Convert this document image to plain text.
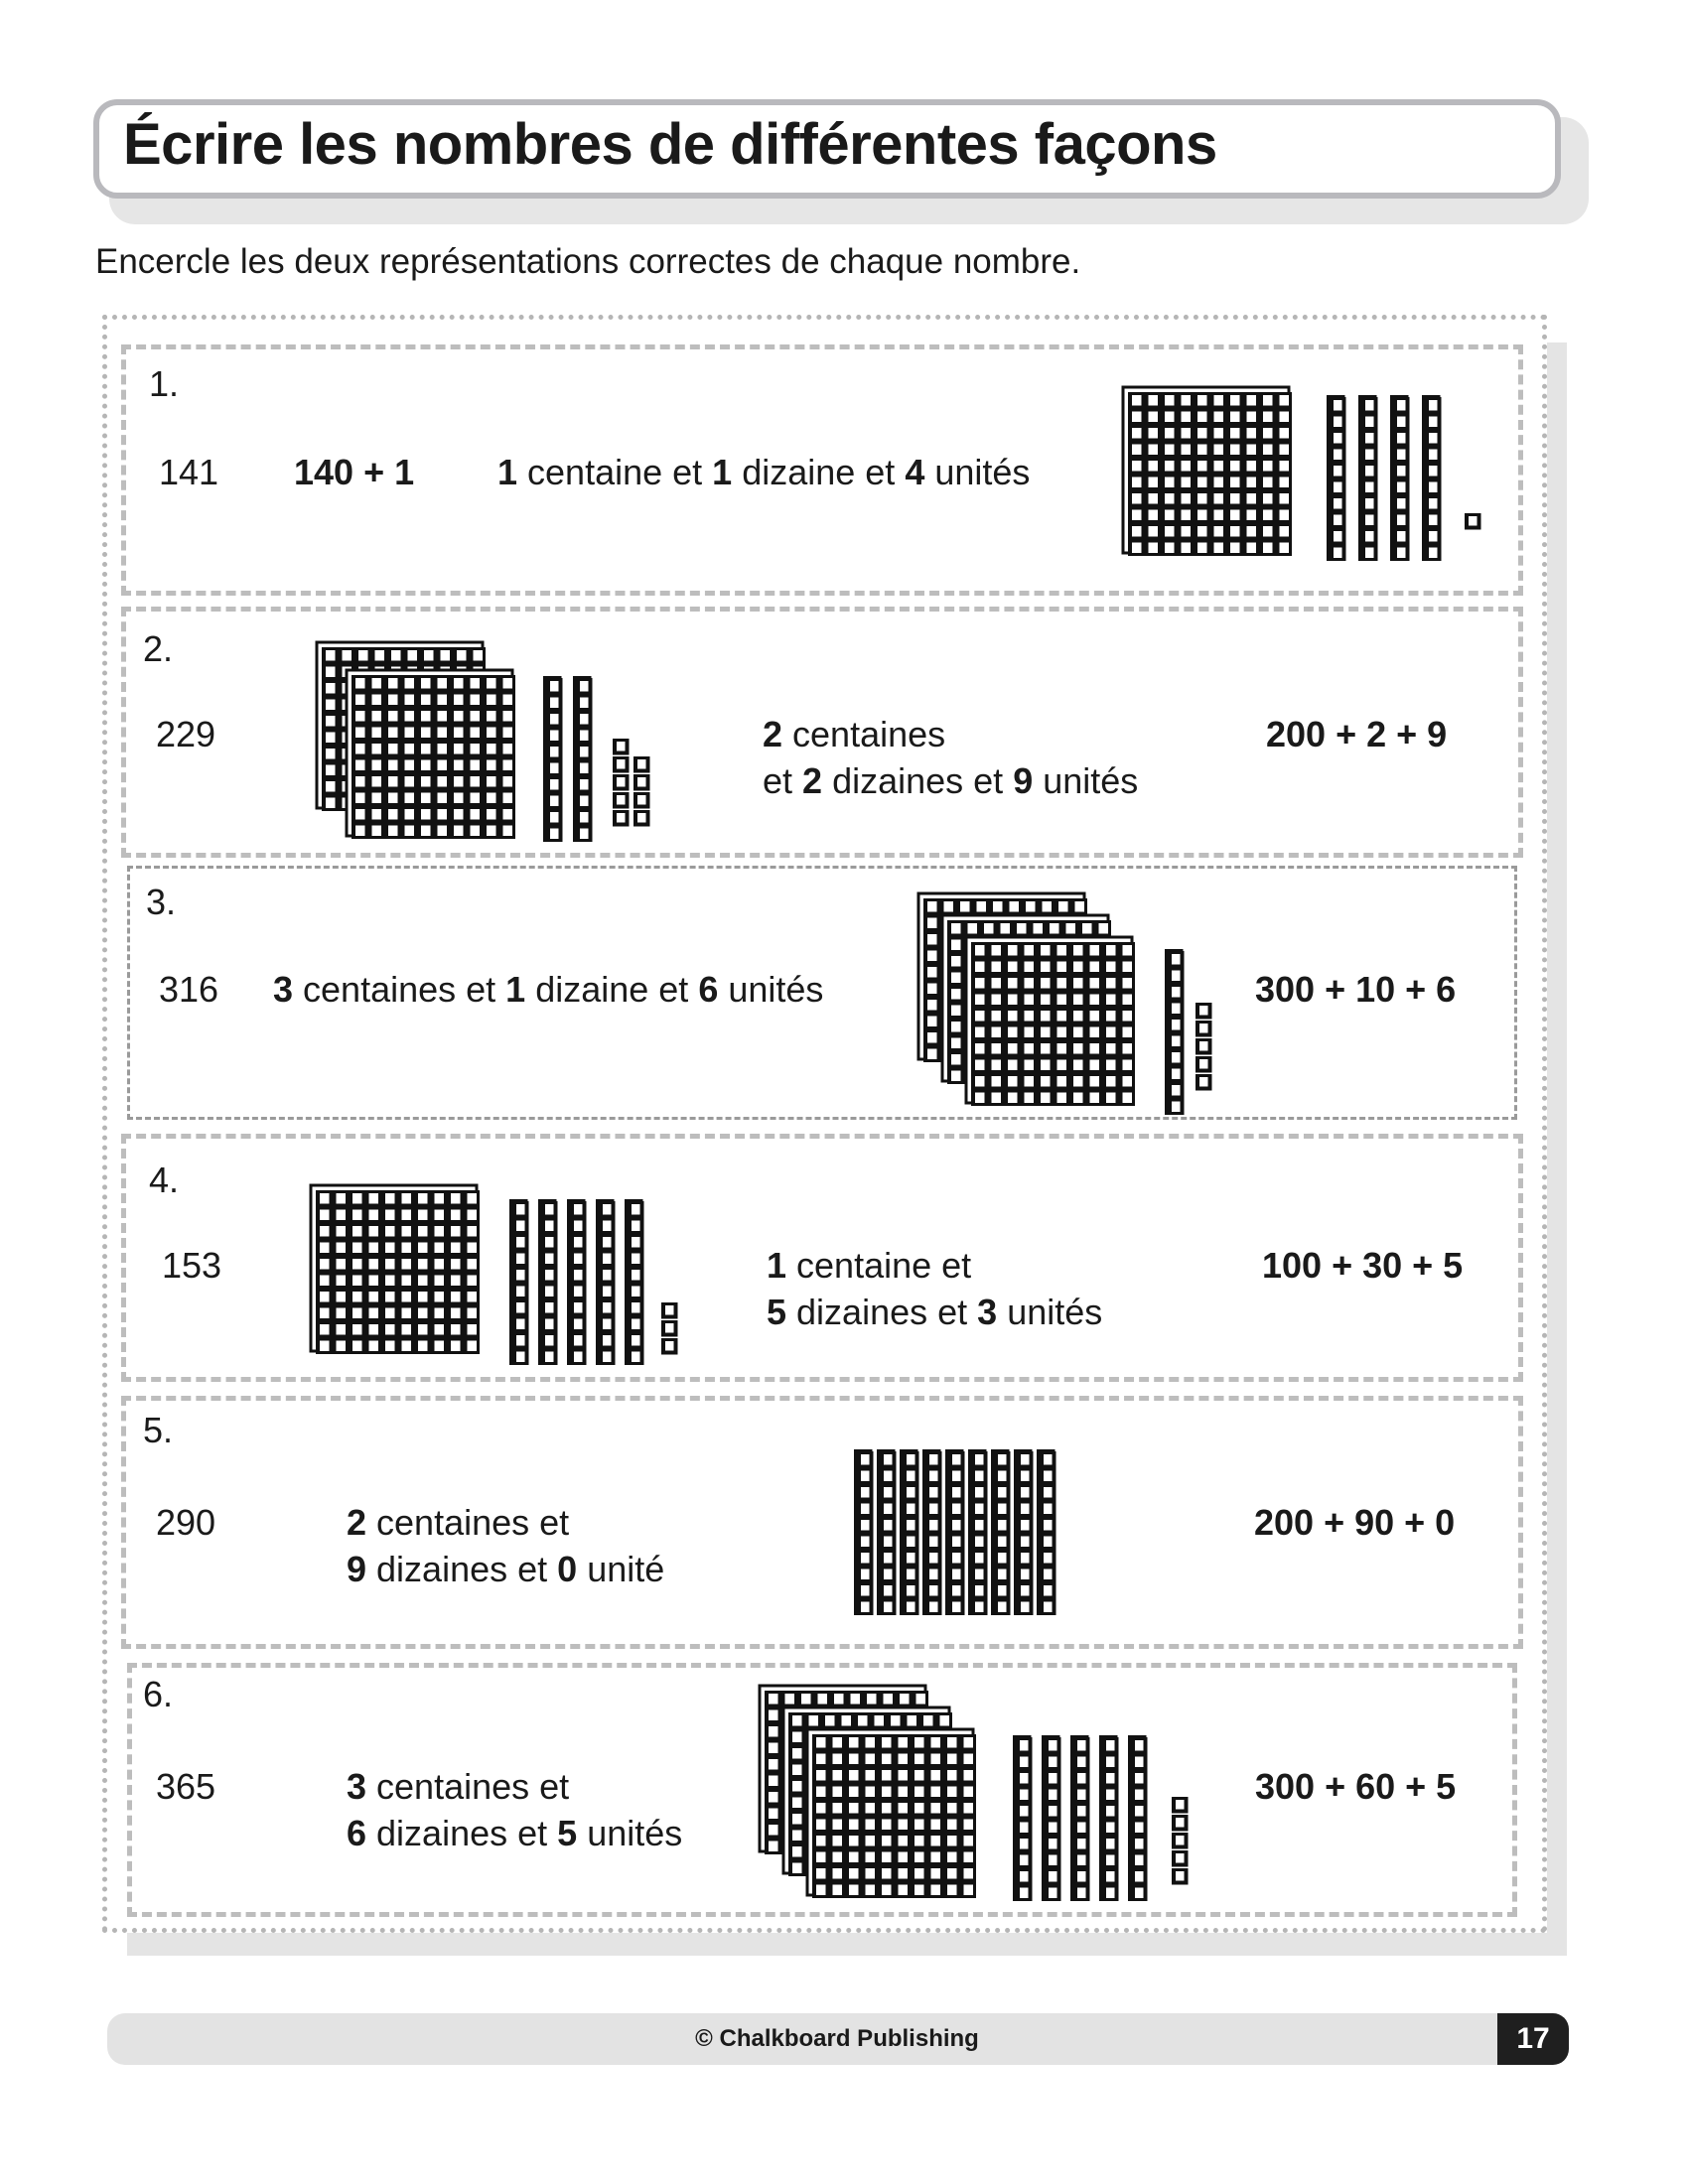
Écrire les nombres de différentes façons
Encercle les deux représentations correctes de chaque nombre.
1.
141 140 + 1 1 centaine et 1 dizaine et 4 unités
2.
229	2 centaines
et 2 dizaines et 9 unités
200 + 2 + 9
3.
316 3 centaines et 1 dizaine et 6 unités	300 + 10 + 6
4.
153	1 centaine et
5 dizaines et 3 unités
100 + 30 + 5
5.
290	2 centaines et
9 dizaines et 0 unité
200 + 90 + 0
6.
365	3 centaines et
6 dizaines et 5 unités
300 + 60 + 5
© Chalkboard Publishing	17
